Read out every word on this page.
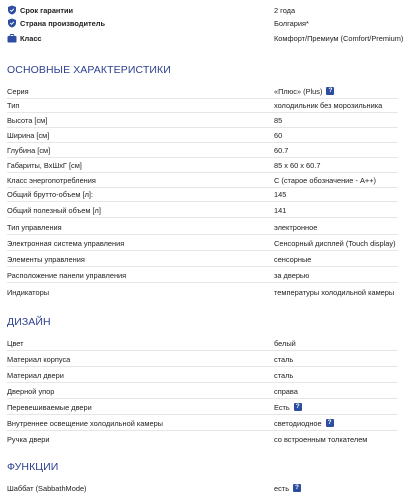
Срок гарантии	2 года
Страна производитель	Болгария*
Класс	Комфорт/Премиум (Comfort/Premium)
ОСНОВНЫЕ ХАРАКТЕРИСТИКИ
Серия	«Плюс» (Plus) ?
Тип	холодильник без морозильника
Высота [см]	85
Ширина [см]	60
Глубина [см]	60.7
Габариты, ВхШхГ [см]	85 x 60 x 60.7
Класс энергопотребления	C (старое обозначение - A++)
Общий брутто-объем [л]:	145
Общий полезный объем [л]	141
Тип управления	электронное
Электронная система управления	Сенсорный дисплей (Touch display)
Элементы управления	сенсорные
Расположение панели управления	за дверью
Индикаторы	температуры холодильной камеры
ДИЗАЙН
Цвет	белый
Материал корпуса	сталь
Материал двери	сталь
Дверной упор	справа
Перевешиваемые двери	Есть ?
Внутреннее освещение холодильной камеры	светодиодное ?
Ручка двери	со встроенным толкателем
ФУНКЦИИ
Шаббат (SabbathMode)	есть ?
